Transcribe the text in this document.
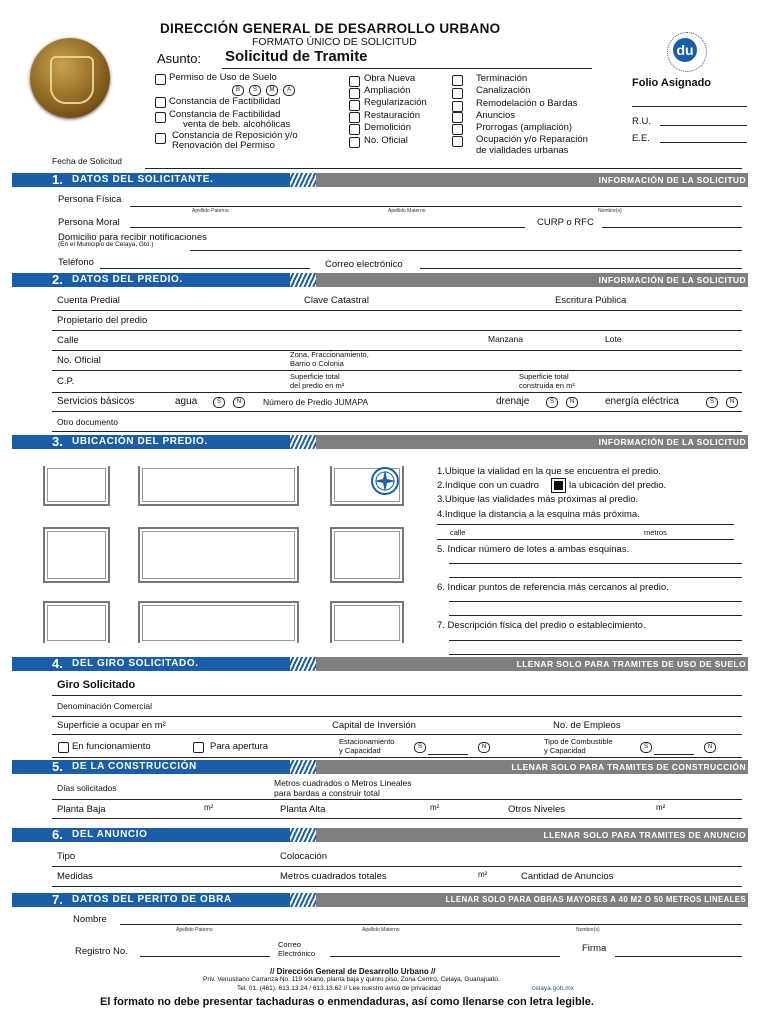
DIRECCIÓN GENERAL DE DESARROLLO URBANO
FORMATO ÚNICO DE SOLICITUD
Asunto: Solicitud de Tramite	du
Folio Asignado
R.U.
E.E.
Permiso de Uso de Suelo
B	S	M	A
Constancia de Factibilidad
Constancia de Factibilidad
venta de beb. alcohólicas
Constancia de Reposición y/o
Renovación del Permiso
Obra Nueva
Ampliación
Regularización
Restauración
Demolición
No. Oficial
Terminación
Canalización
Remodelación o Bardas
Anuncios
Prorrogas (ampliación)
Ocupación y/o Reparación
de vialidades urbanas
Fecha de Solicitud
1. DATOS DEL SOLICITANTE.	INFORMACIÓN DE LA SOLICITUD
Persona Física
Apellido Paterno	Apellido Materno	Nombre(s)
Persona Moral	CURP o RFC
Domicilio para recibir notificaciones
(En el Municipio de Celaya, Gto.)
Teléfono	Correo electrónico
2. DATOS DEL PREDIO.	INFORMACIÓN DE LA SOLICITUD
Cuenta Predial	Clave Catastral	Escritura Pública
Propietario del predio
Calle	Manzana	Lote
No. Oficial
Zona, Fraccionamiento,
Barrio o Colonia
C.P.	Superficie total
del predio en m²
Superficie total
construida en m²
Servicios básicos	agua	S	N	Número de Predio JUMAPA	drenaje	S	N	energía eléctrica	S	N
Otro documento
3. UBICACIÓN DEL PREDIO.	INFORMACIÓN DE LA SOLICITUD
1.Ubique la vialidad en la que se encuentra el predio.
2.Indique con un cuadro	la ubicación del predio.
3.Ubique las vialidades más próximas al predio.
4.Indique la distancia a la esquina más próxima.
calle	metros
5. Indicar número de lotes a ambas esquinas.
6. Indicar puntos de referencia más cercanos al predio.
7. Descripción física del predio o establecimiento.
4. DEL GIRO SOLICITADO.	LLENAR SOLO PARA TRAMITES DE USO DE SUELO
Giro Solicitado
Denominación Comercial
Superficie a ocupar en m²	Capital de Inversión	No. de Empleos
En funcionamiento	Para apertura	Estacionamiento
y Capacidad	S	N
Tipo de Combustible
y Capacidad	S	N
5. DE LA CONSTRUCCIÓN	LLENAR SOLO PARA TRAMITES DE CONSTRUCCIÓN
Días solicitados	Metros cuadrados o Metros Lineales
para bardas a construir total
Planta Baja	m²	Planta Alta	m²	Otros Niveles	m²
6. DEL ANUNCIO	LLENAR SOLO PARA TRAMITES DE ANUNCIO
Tipo	Colocación
Medidas	Metros cuadrados totales	m²	Cantidad de Anuncios
7. DATOS DEL PERITO DE OBRA	LLENAR SOLO PARA OBRAS MAYORES A 40 M2 O 50 METROS LINEALES
Nombre
Apellido Paterno	Apellido Materno	Nombre(s)
Registro No.
Correo
Electrónico	Firma
// Dirección General de Desarrollo Urbano //
Priv. Venustiano Carranza No. 119 sótano, planta baja y quinto piso, Zona Centro, Celaya, Guanajuato.
Tel. 01. (461). 613.13.24 / 613.13.62 // Lee nuestro aviso de privacidad	celaya.gob.mx
El formato no debe presentar tachaduras o enmendaduras, así como llenarse con letra legible.
